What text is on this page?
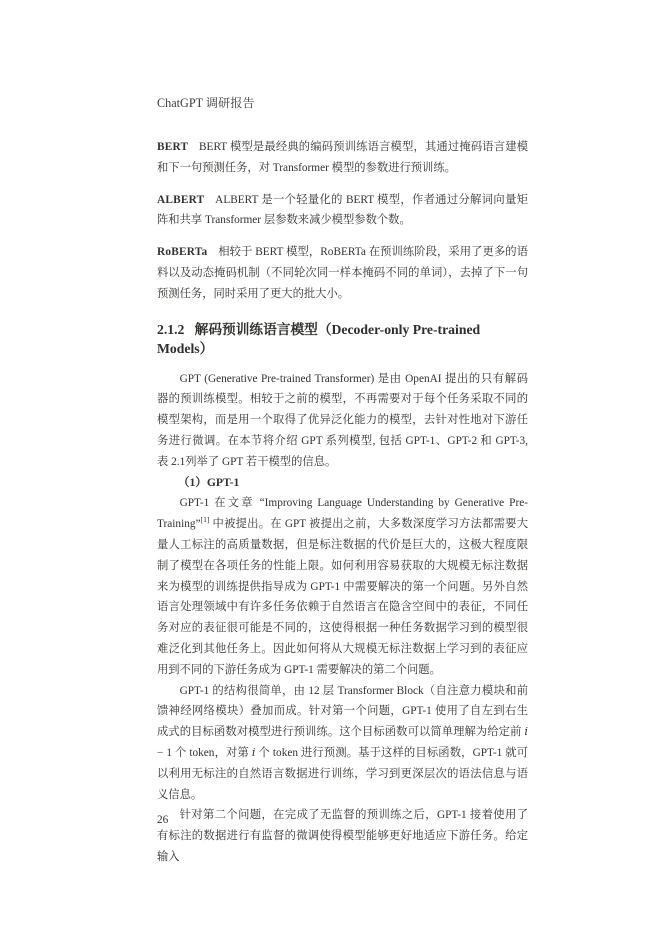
ChatGPT 调研报告

BERT BERT 模型是最经典的编码预训练语言模型，其通过掩码语言建模和下一句预测任务，对 Transformer 模型的参数进行预训练。

ALBERT ALBERT 是一个轻量化的 BERT 模型，作者通过分解词向量矩阵和共享 Transformer 层参数来减少模型参数个数。

RoBERTa 相较于 BERT 模型，RoBERTa 在预训练阶段，采用了更多的语料以及动态掩码机制（不同轮次同一样本掩码不同的单词），去掉了下一句预测任务，同时采用了更大的批大小。

2.1.2 解码预训练语言模型（Decoder-only Pre-trained Models）

GPT (Generative Pre-trained Transformer) 是由 OpenAI 提出的只有解码器的预训练模型。相较于之前的模型，不再需要对于每个任务采取不同的模型架构，而是用一个取得了优异泛化能力的模型，去针对性地对下游任务进行微调。在本节将介绍 GPT 系列模型, 包括 GPT-1、GPT-2 和 GPT-3, 表 2.1列举了 GPT 若干模型的信息。

（1）GPT-1

GPT-1 在文章 “Improving Language Understanding by Generative Pre-Training”[1] 中被提出。在 GPT 被提出之前，大多数深度学习方法都需要大量人工标注的高质量数据，但是标注数据的代价是巨大的，这极大程度限制了模型在各项任务的性能上限。如何利用容易获取的大规模无标注数据来为模型的训练提供指导成为 GPT-1 中需要解决的第一个问题。另外自然语言处理领域中有许多任务依赖于自然语言在隐含空间中的表征，不同任务对应的表征很可能是不同的，这使得根据一种任务数据学习到的模型很难泛化到其他任务上。因此如何将从大规模无标注数据上学习到的表征应用到不同的下游任务成为 GPT-1 需要解决的第二个问题。

GPT-1 的结构很简单，由 12 层 Transformer Block（自注意力模块和前馈神经网络模块）叠加而成。针对第一个问题，GPT-1 使用了自左到右生成式的目标函数对模型进行预训练。这个目标函数可以简单理解为给定前 i − 1 个 token，对第 i 个 token 进行预测。基于这样的目标函数，GPT-1 就可以利用无标注的自然语言数据进行训练，学习到更深层次的语法信息与语义信息。

针对第二个问题，在完成了无监督的预训练之后，GPT-1 接着使用了有标注的数据进行有监督的微调使得模型能够更好地适应下游任务。给定输入

26
